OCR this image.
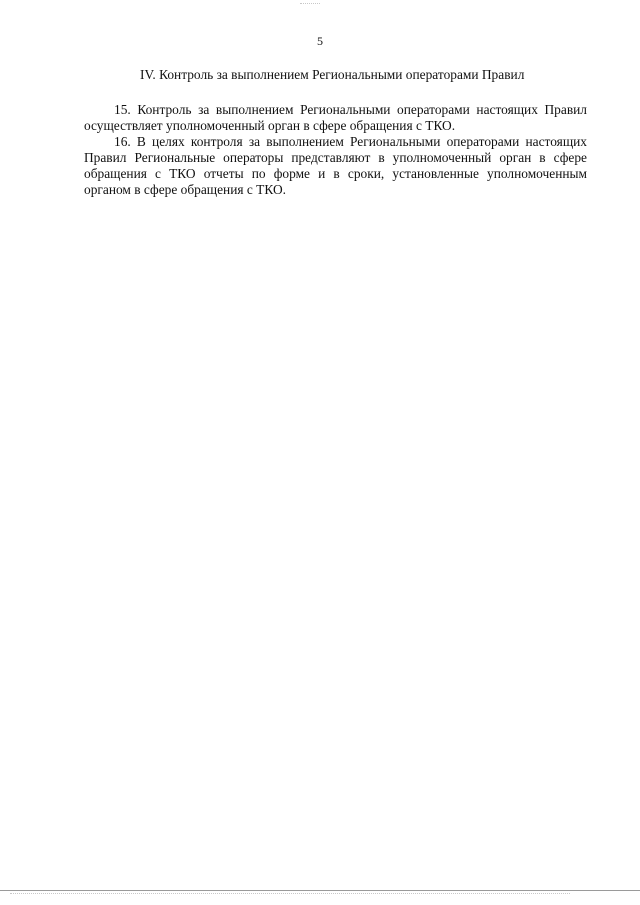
5
IV. Контроль за выполнением Региональными операторами Правил

15. Контроль за выполнением Региональными операторами настоящих Правил осуществляет уполномоченный орган в сфере обращения с ТКО.

16. В целях контроля за выполнением Региональными операторами настоящих Правил Региональные операторы представляют в уполномоченный орган в сфере обращения с ТКО отчеты по форме и в сроки, установленные уполномоченным органом в сфере обращения с ТКО.
